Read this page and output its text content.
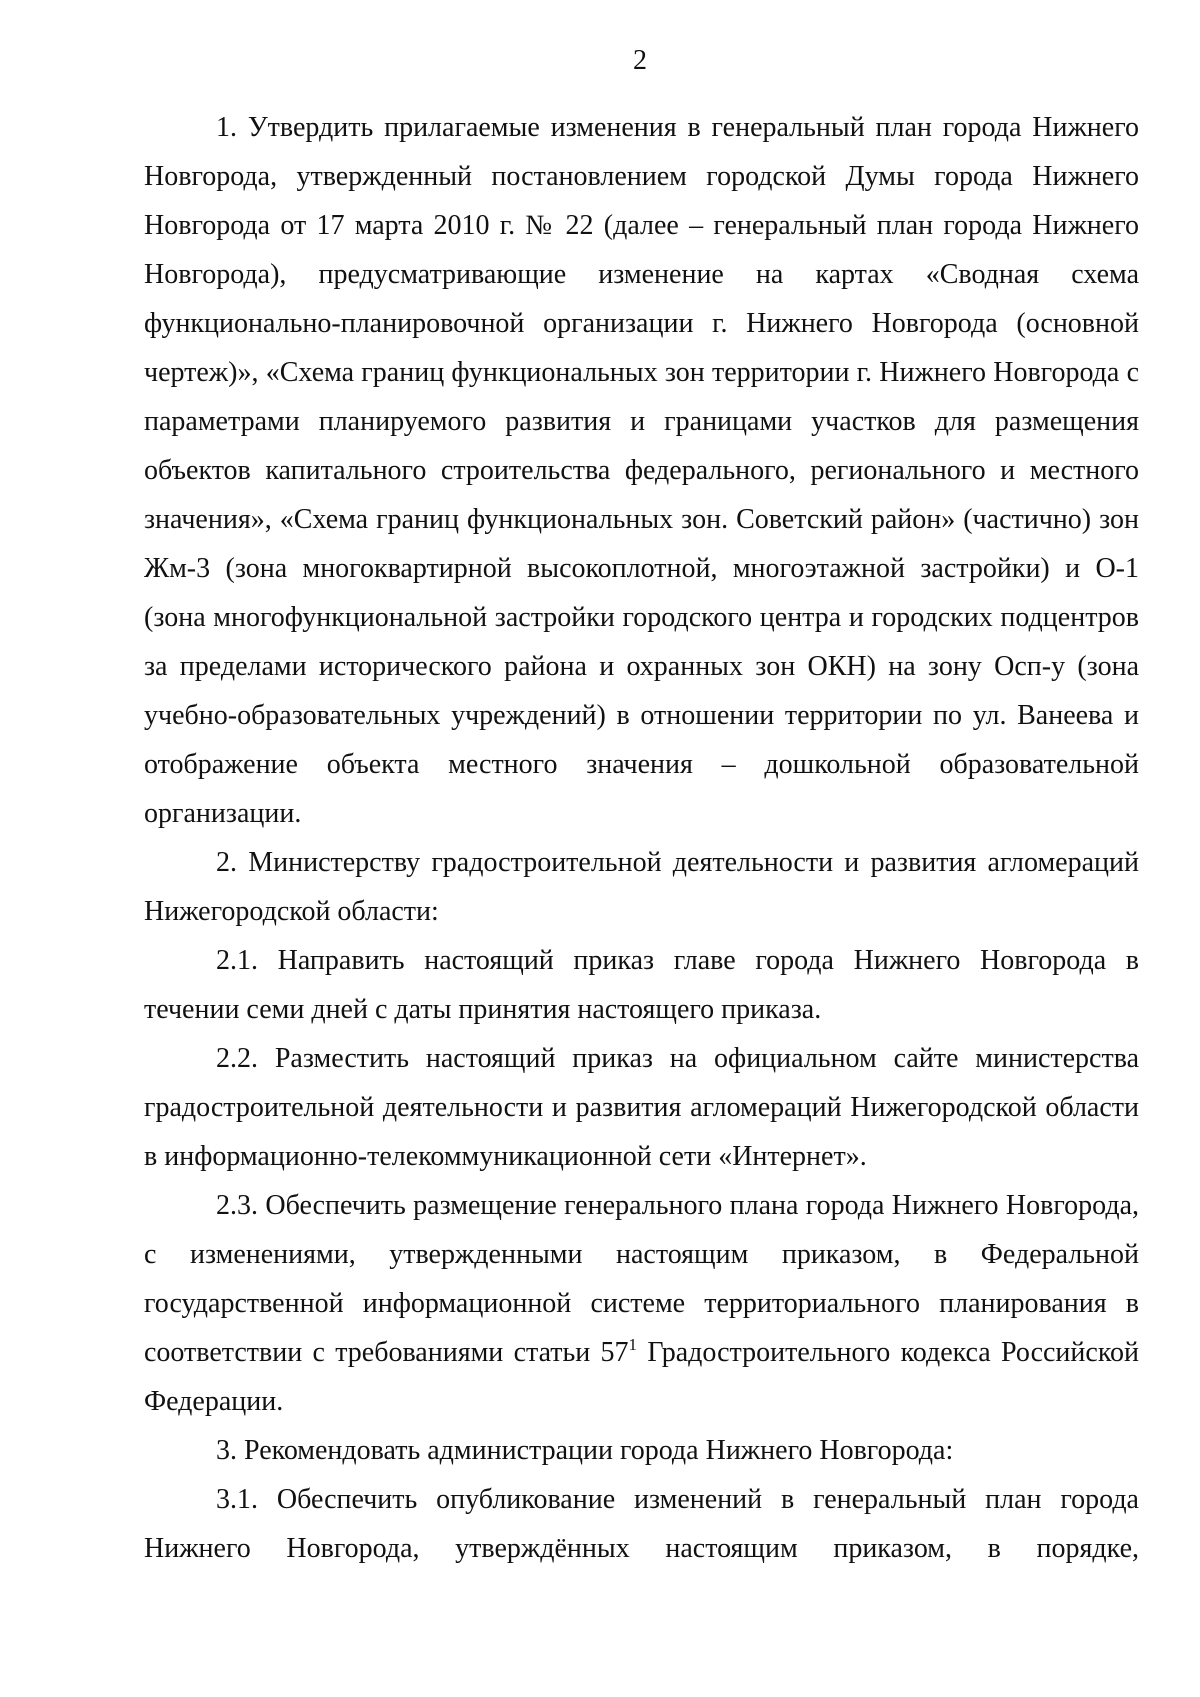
2

1. Утвердить прилагаемые изменения в генеральный план города Нижнего Новгорода, утвержденный постановлением городской Думы города Нижнего Новгорода от 17 марта 2010 г. № 22 (далее – генеральный план города Нижнего Новгорода), предусматривающие изменение на картах «Сводная схема функционально-планировочной организации г. Нижнего Новгорода (основной чертеж)», «Схема границ функциональных зон территории г. Нижнего Новгорода с параметрами планируемого развития и границами участков для размещения объектов капитального строительства федерального, регионального и местного значения», «Схема границ функциональных зон. Советский район» (частично) зон Жм-3 (зона многоквартирной высокоплотной, многоэтажной застройки) и О-1 (зона многофункциональной застройки городского центра и городских подцентров за пределами исторического района и охранных зон ОКН) на зону Осп-у (зона учебно-образовательных учреждений) в отношении территории по ул. Ванеева и отображение объекта местного значения – дошкольной образовательной организации.

2. Министерству градостроительной деятельности и развития агломераций Нижегородской области:

2.1. Направить настоящий приказ главе города Нижнего Новгорода в течении семи дней с даты принятия настоящего приказа.

2.2. Разместить настоящий приказ на официальном сайте министерства градостроительной деятельности и развития агломераций Нижегородской области в информационно-телекоммуникационной сети «Интернет».

2.3. Обеспечить размещение генерального плана города Нижнего Новгорода, с изменениями, утвержденными настоящим приказом, в Федеральной государственной информационной системе территориального планирования в соответствии с требованиями статьи $57^1$ Градостроительного кодекса Российской Федерации.

3. Рекомендовать администрации города Нижнего Новгорода:

3.1. Обеспечить опубликование изменений в генеральный план города Нижнего Новгорода, утверждённых настоящим приказом, в порядке,
